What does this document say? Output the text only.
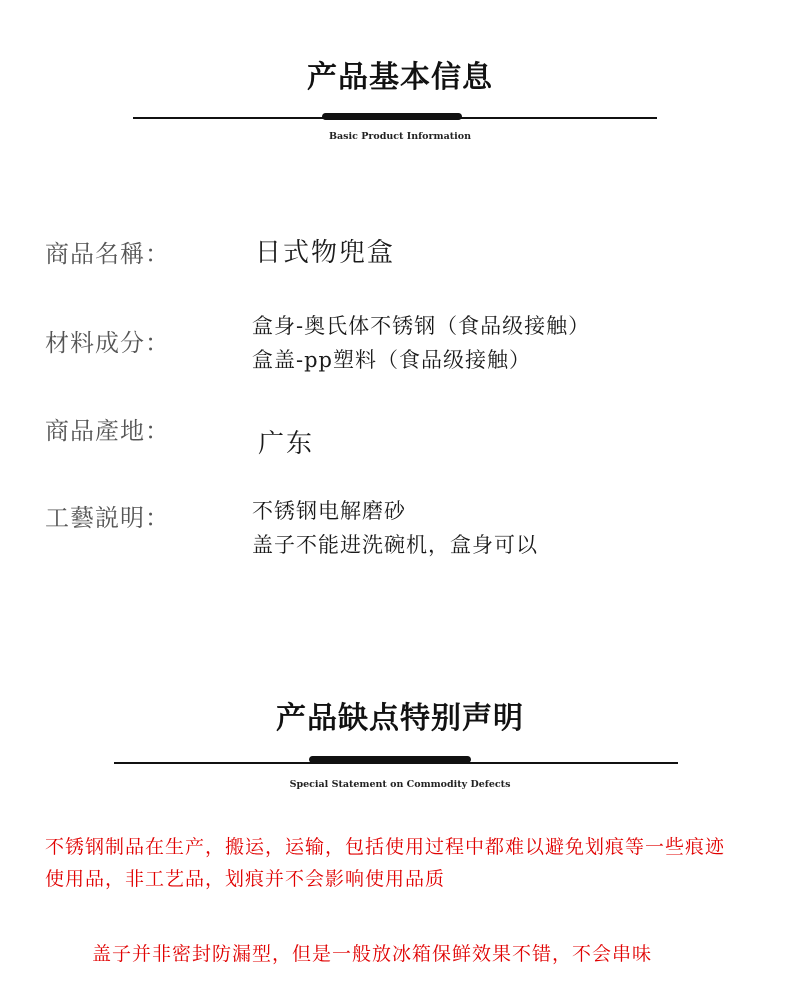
产品基本信息
Basic Product Information
商品名稱：	日式物兜盒
材料成分：
盒身-奥氏体不锈钢（食品级接触）
盒盖-pp塑料（食品级接触）
商品產地：	广东
工藝説明：	不锈钢电解磨砂
盖子不能进洗碗机，盒身可以
产品缺点特别声明
Special Statement on Commodity Defects
不锈钢制品在生产，搬运，运输，包括使用过程中都难以避免划痕等一些痕迹
使用品，非工艺品，划痕并不会影响使用品质
盖子并非密封防漏型，但是一般放冰箱保鲜效果不错，不会串味
